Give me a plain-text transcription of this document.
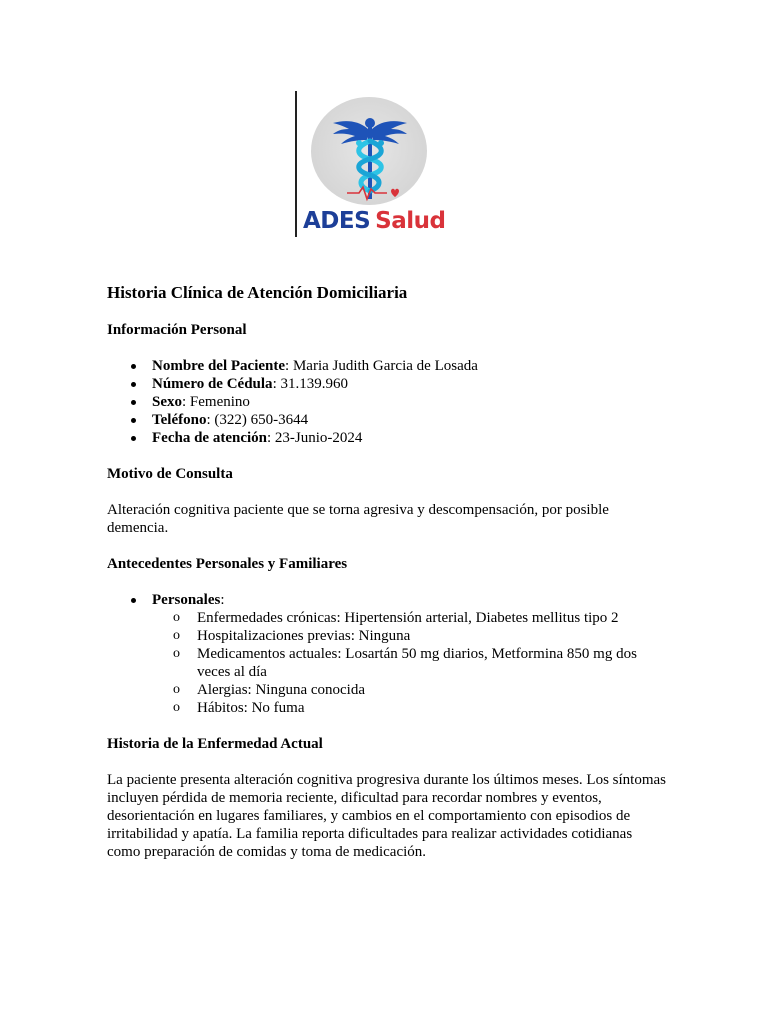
ADES Salud
Historia Clínica de Atención Domiciliaria
Información Personal
Nombre del Paciente: Maria Judith Garcia de Losada
Número de Cédula: 31.139.960
Sexo: Femenino
Teléfono: (322) 650-3644
Fecha de atención: 23-Junio-2024
Motivo de Consulta

Alteración cognitiva paciente que se torna agresiva y descompensación, por posible demencia.

Antecedentes Personales y Familiares
Personales:
o Enfermedades crónicas: Hipertensión arterial, Diabetes mellitus tipo 2
o Hospitalizaciones previas: Ninguna
o Medicamentos actuales: Losartán 50 mg diarios, Metformina 850 mg dos veces al día
o Alergias: Ninguna conocida
o Hábitos: No fuma
Historia de la Enfermedad Actual

La paciente presenta alteración cognitiva progresiva durante los últimos meses. Los síntomas incluyen pérdida de memoria reciente, dificultad para recordar nombres y eventos, desorientación en lugares familiares, y cambios en el comportamiento con episodios de irritabilidad y apatía. La familia reporta dificultades para realizar actividades cotidianas como preparación de comidas y toma de medicación.
